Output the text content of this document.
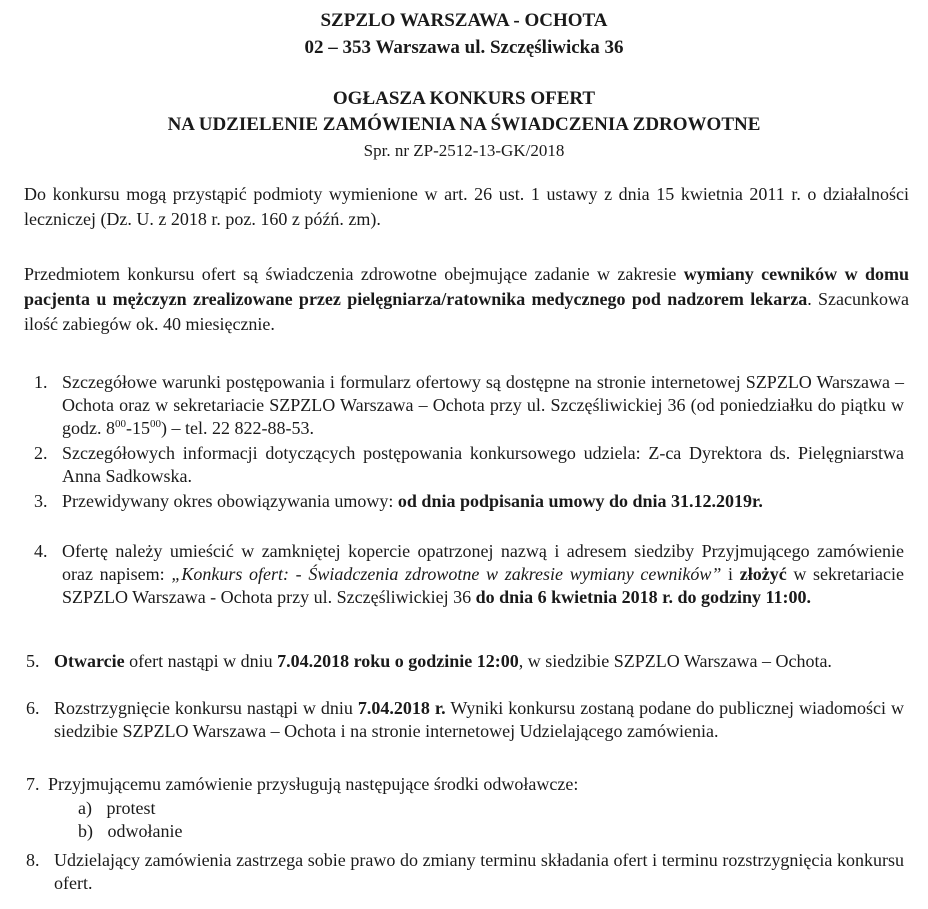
SZPZLO WARSZAWA - OCHOTA
02 – 353 Warszawa ul. Szczęśliwicka 36
OGŁASZA KONKURS OFERT
NA UDZIELENIE ZAMÓWIENIA NA ŚWIADCZENIA ZDROWOTNE
Spr. nr ZP-2512-13-GK/2018
Do konkursu mogą przystąpić podmioty wymienione w art. 26 ust. 1 ustawy z dnia 15 kwietnia 2011 r. o działalności leczniczej (Dz. U. z 2018 r. poz. 160 z późń. zm).
Przedmiotem konkursu ofert są świadczenia zdrowotne obejmujące zadanie w zakresie wymiany cewników w domu pacjenta u mężczyzn zrealizowane przez pielęgniarza/ratownika medycznego pod nadzorem lekarza. Szacunkowa ilość zabiegów ok. 40 miesięcznie.
1. Szczegółowe warunki postępowania i formularz ofertowy są dostępne na stronie internetowej SZPZLO Warszawa – Ochota oraz w sekretariacie SZPZLO Warszawa – Ochota przy ul. Szczęśliwickiej 36 (od poniedziałku do piątku w godz. $8^{00}-15^{00}$) – tel. 22 822-88-53.
2. Szczegółowych informacji dotyczących postępowania konkursowego udziela: Z-ca Dyrektora ds. Pielęgniarstwa Anna Sadkowska.
3. Przewidywany okres obowiązywania umowy: od dnia podpisania umowy do dnia 31.12.2019r.
4. Ofertę należy umieścić w zamkniętej kopercie opatrzonej nazwą i adresem siedziby Przyjmującego zamówienie oraz napisem: „Konkurs ofert: - Świadczenia zdrowotne w zakresie wymiany cewników” i złożyć w sekretariacie SZPZLO Warszawa - Ochota przy ul. Szczęśliwickiej 36 do dnia 6 kwietnia 2018 r. do godziny 11:00.
5. Otwarcie ofert nastąpi w dniu 7.04.2018 roku o godzinie 12:00, w siedzibie SZPZLO Warszawa – Ochota.
6. Rozstrzygnięcie konkursu nastąpi w dniu 7.04.2018 r. Wyniki konkursu zostaną podane do publicznej wiadomości w siedzibie SZPZLO Warszawa – Ochota i na stronie internetowej Udzielającego zamówienia.
7. Przyjmującemu zamówienie przysługują następujące środki odwoławcze:
a) protest
b) odwołanie
8. Udzielający zamówienia zastrzega sobie prawo do zmiany terminu składania ofert i terminu rozstrzygnięcia konkursu ofert.
